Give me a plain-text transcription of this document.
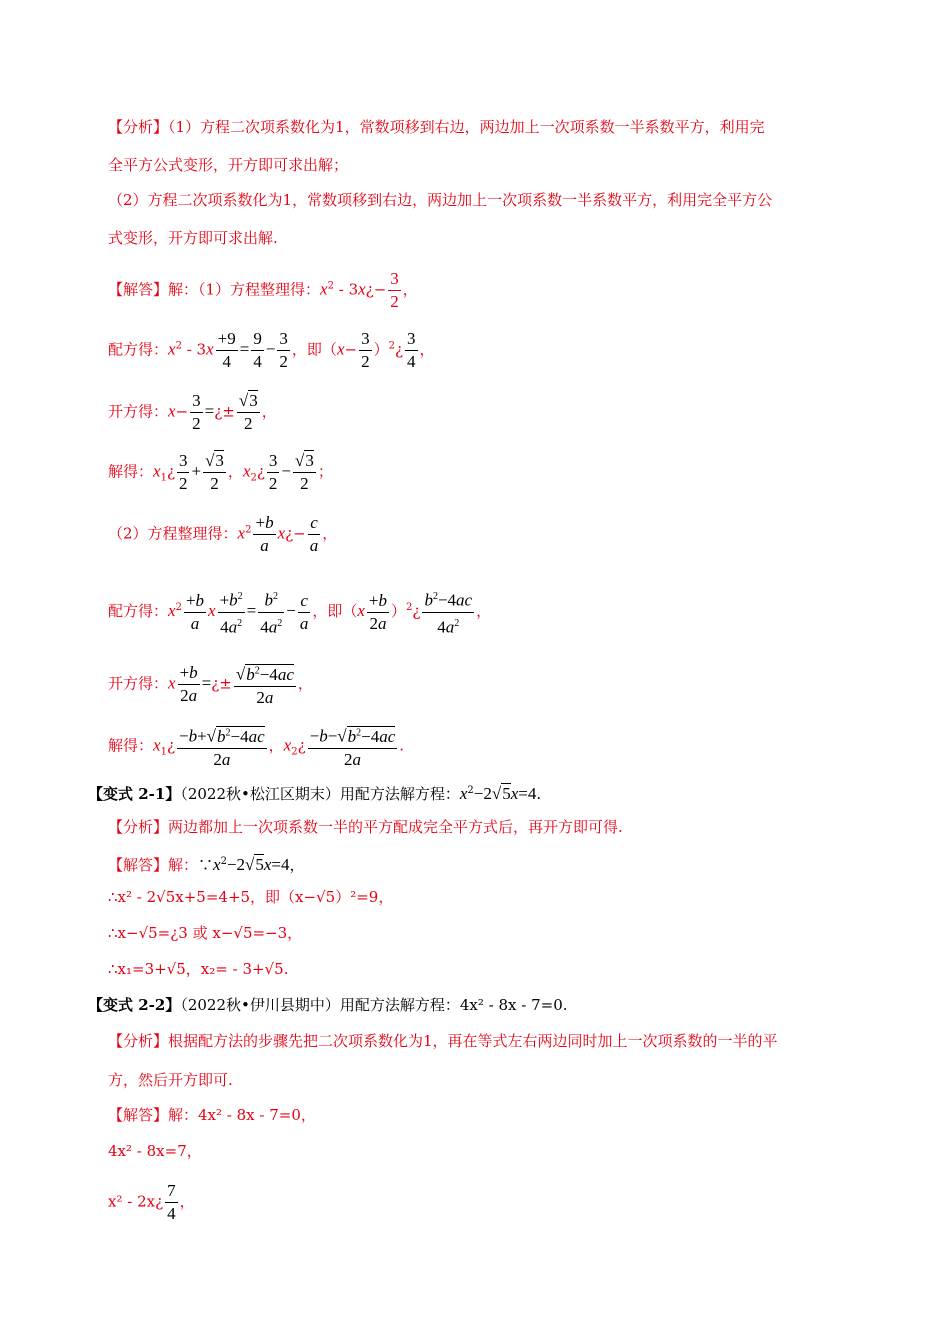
【分析】（1）方程二次项系数化为1，常数项移到右边，两边加上一次项系数一半系数平方，利用完
全平方公式变形，开方即可求出解；
（2）方程二次项系数化为1，常数项移到右边，两边加上一次项系数一半系数平方，利用完全平方公
式变形，开方即可求出解.
【解答】解：（1）方程整理得：$x^2$ - 3x¿− $\frac{3}{2}$ ，
配方得：$x^2 - 3x \frac{+9}{4} = \frac{9}{4} - \frac{3}{2}$ ，即（$x- \frac{3}{2}$ ）$^2¿ \frac{3}{4}$ ，
开方得：$x- \frac{3}{2}$ =¿± $\frac{√3}{2}$ ，
解得：$x_1¿ \frac{3}{2} + \frac{√3}{2}$ ，$x_2¿ \frac{3}{2} - \frac{√3}{2}$ ；
（2）方程整理得：$x^2 \frac{+b}{a}$ x¿− $\frac{c}{a}$ ，
配方得：$x^2 \frac{+b}{a}$ x $\frac{+b^2}{4a^2} = \frac{b^2}{4a^2} - \frac{c}{a}$ ，即（$x \frac{+b}{2a}$ ）$^2$¿ $\frac{b^2-4ac}{4a^2}$ ，
开方得：x $\frac{+b}{2a}$ =¿± $\frac{√b^2-4ac}{2a}$ ，
解得：$x_1¿ \frac{-b+√b^2-4ac}{2a}$ ，$x_2¿ \frac{-b-√b^2-4ac}{2a}$ .
【变式 2-1】（2022秋•松江区期末）用配方法解方程：$x^2-2√5x=4$.
【分析】两边都加上一次项系数一半的平方配成完全平方式后，再开方即可得.
【解答】解：$\because x^2-2√5x=4$，
∴x² - 2√5x+5=4+5，即（x−√5）²=9，
∴x−√5=¿3 或 x−√5=−3，
∴x₁=3+√5，x₂= - 3+√5.
【变式 2-2】（2022秋•伊川县期中）用配方法解方程：4x² - 8x - 7=0.
【分析】根据配方法的步骤先把二次项系数化为1，再在等式左右两边同时加上一次项系数的一半的平
方，然后开方即可.
【解答】解：4x² - 8x - 7=0，
4x² - 8x=7，
x² - 2x¿ $\frac{7}{4}$ ，
